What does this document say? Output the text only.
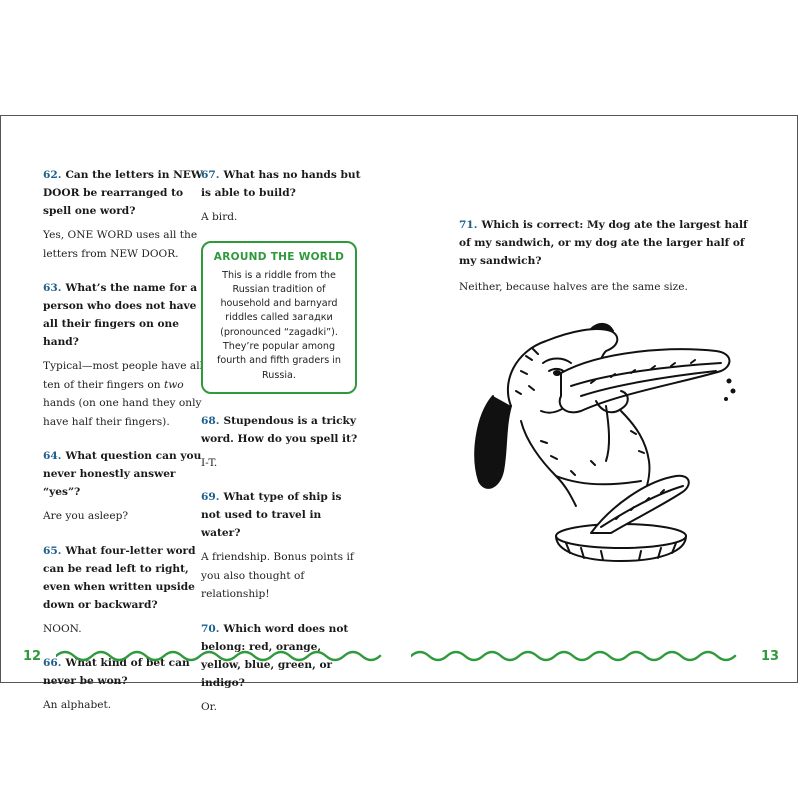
62. Can the letters in NEW DOOR be rearranged to spell one word?

Yes, ONE WORD uses all the letters from NEW DOOR.

63. What’s the name for a person who does not have all their fingers on one hand?

Typical—most people have all ten of their fingers on two hands (on one hand they only have half their fingers).

64. What question can you never honestly answer “yes”?

Are you asleep?

65. What four-letter word can be read left to right, even when written upside down or backward?

NOON.

66. What kind of bet can never be won?

An alphabet.

67. What has no hands but is able to build?

A bird.

AROUND THE WORLD
This is a riddle from the Russian tradition of household and barnyard riddles called загадки (pronounced “zagadki”). They’re popular among fourth and fifth graders in Russia.

68. Stupendous is a tricky word. How do you spell it?

I-T.

69. What type of ship is not used to travel in water?

A friendship. Bonus points if you also thought of relationship!

70. Which word does not belong: red, orange, yellow, blue, green, or indigo?

Or.

71. Which is correct: My dog ate the largest half of my sandwich, or my dog ate the larger half of my sandwich?

Neither, because halves are the same size.

12	13
